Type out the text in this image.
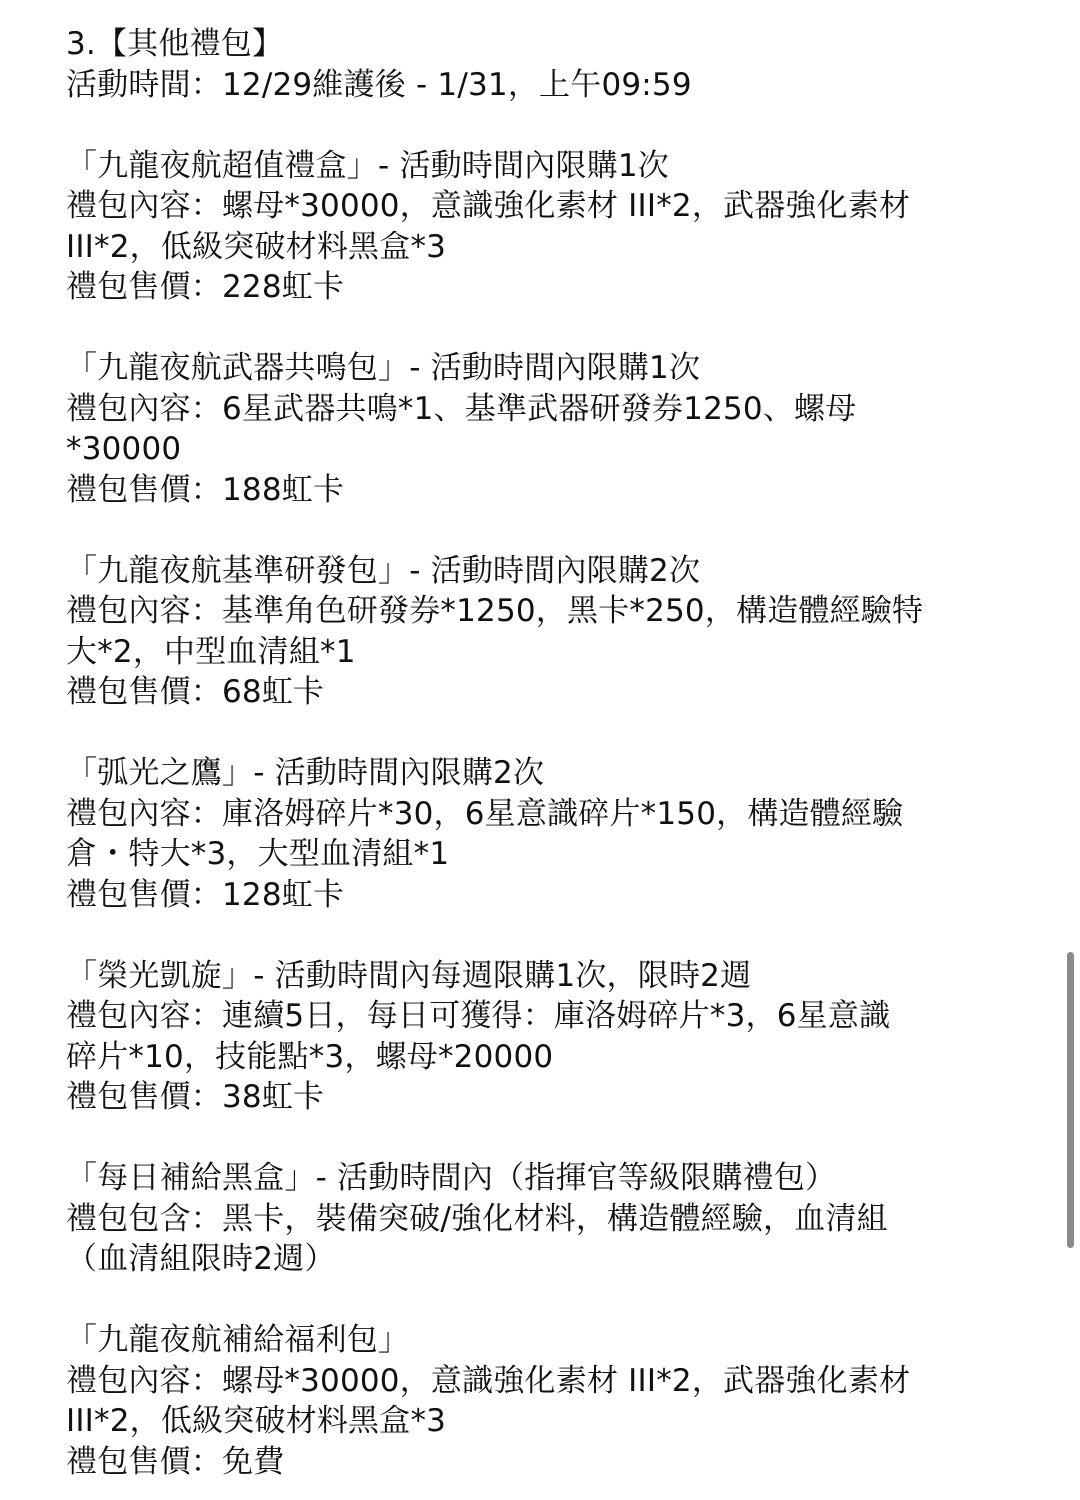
3.【其他禮包】
活動時間：12/29維護後 - 1/31，上午09:59
「九龍夜航超值禮盒」- 活動時間內限購1次
禮包內容：螺母*30000，意識強化素材 III*2，武器強化素材
III*2，低級突破材料黑盒*3
禮包售價：228虹卡
「九龍夜航武器共鳴包」- 活動時間內限購1次
禮包內容：6星武器共鳴*1、基準武器研發券1250、螺母
*30000
禮包售價：188虹卡
「九龍夜航基準研發包」- 活動時間內限購2次
禮包內容：基準角色研發券*1250，黑卡*250，構造體經驗特
大*2，中型血清組*1
禮包售價：68虹卡
「弧光之鷹」- 活動時間內限購2次
禮包內容：庫洛姆碎片*30，6星意識碎片*150，構造體經驗
倉・特大*3，大型血清組*1
禮包售價：128虹卡
「榮光凱旋」- 活動時間內每週限購1次，限時2週
禮包內容：連續5日，每日可獲得：庫洛姆碎片*3，6星意識
碎片*10，技能點*3，螺母*20000
禮包售價：38虹卡
「每日補給黑盒」- 活動時間內（指揮官等級限購禮包）
禮包包含：黑卡，裝備突破/強化材料，構造體經驗，血清組
（血清組限時2週）
「九龍夜航補給福利包」
禮包內容：螺母*30000，意識強化素材 III*2，武器強化素材
III*2，低級突破材料黑盒*3
禮包售價：免費
